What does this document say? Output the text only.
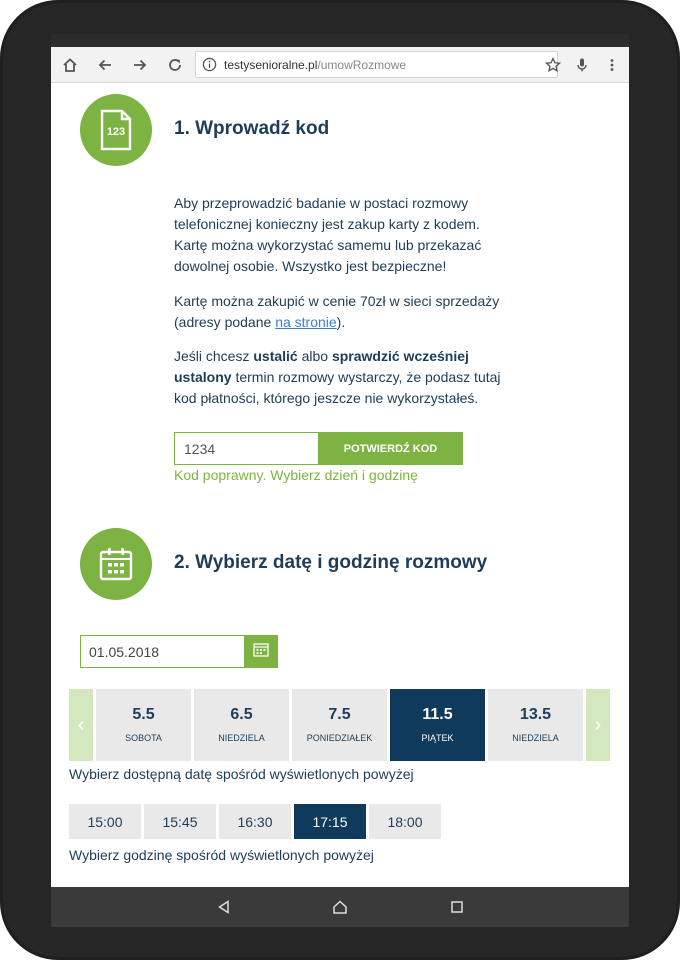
testysenioralne.pl/umowRozmowe
123	1. Wprowadź kod
Aby przeprowadzić badanie w postaci rozmowy
telefonicznej konieczny jest zakup karty z kodem.
Kartę można wykorzystać samemu lub przekazać
dowolnej osobie. Wszystko jest bezpieczne!
Kartę można zakupić w cenie 70zł w sieci sprzedaży
(adresy podane na stronie).
Jeśli chcesz ustalić albo sprawdzić wcześniej
ustalony termin rozmowy wystarczy, że podasz tutaj
kod płatności, którego jeszcze nie wykorzystałeś.
1234	POTWIERDŹ KOD
Kod poprawny. Wybierz dzień i godzinę
2. Wybierz datę i godzinę rozmowy
01.05.2018
‹	5.5
SOBOTA
6.5
NIEDZIELA
7.5
PONIEDZIAŁEK
11.5
PIĄTEK
13.5
NIEDZIELA
›
Wybierz dostępną datę spośród wyświetlonych powyżej
15:00	15:45	16:30	17:15	18:00
Wybierz godzinę spośród wyświetlonych powyżej
